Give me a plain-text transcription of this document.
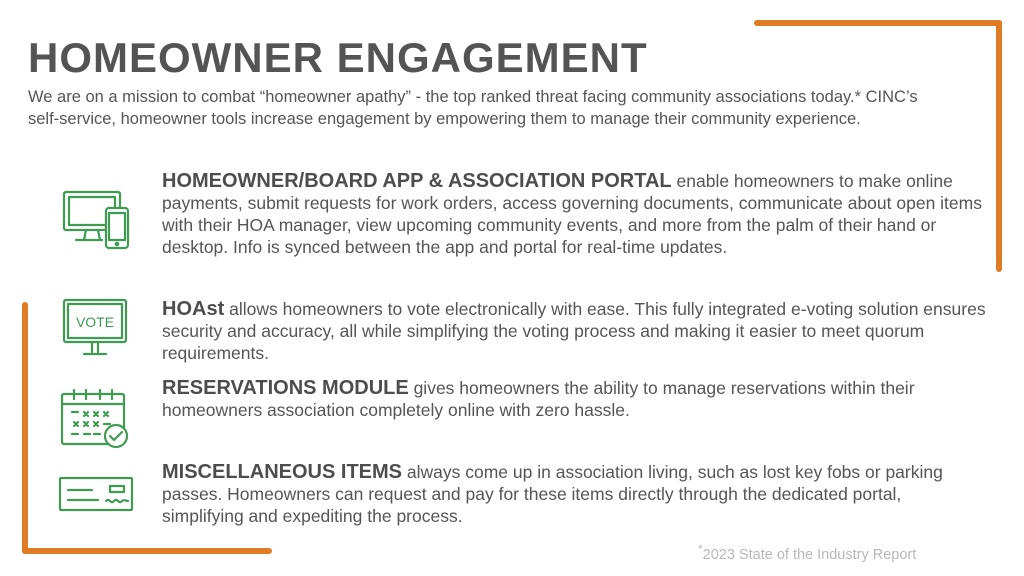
HOMEOWNER ENGAGEMENT

We are on a mission to combat “homeowner apathy” - the top ranked threat facing community associations today.* CINC’s self-service, homeowner tools increase engagement by empowering them to manage their community experience.

HOMEOWNER/BOARD APP & ASSOCIATION PORTAL enable homeowners to make online payments, submit requests for work orders, access governing documents, communicate about open items with their HOA manager, view upcoming community events, and more from the palm of their hand or desktop. Info is synced between the app and portal for real-time updates.

VOTE

HOAst allows homeowners to vote electronically with ease. This fully integrated e-voting solution ensures security and accuracy, all while simplifying the voting process and making it easier to meet quorum requirements.

RESERVATIONS MODULE gives homeowners the ability to manage reservations within their homeowners association completely online with zero hassle.

MISCELLANEOUS ITEMS always come up in association living, such as lost key fobs or parking passes. Homeowners can request and pay for these items directly through the dedicated portal, simplifying and expediting the process.

*2023 State of the Industry Report
